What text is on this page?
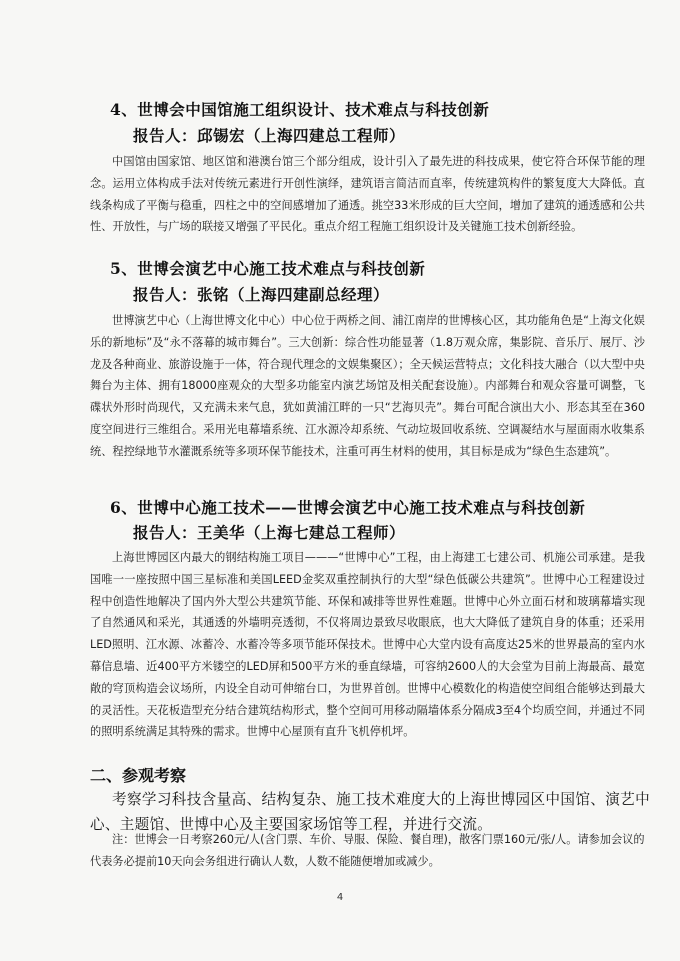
4、世博会中国馆施工组织设计、技术难点与科技创新
报告人：邱锡宏（上海四建总工程师）
中国馆由国家馆、地区馆和港澳台馆三个部分组成，设计引入了最先进的科技成果，使它符合环保节能的理念。运用立体构成手法对传统元素进行开创性演绎，建筑语言简洁而直率，传统建筑构件的繁复度大大降低。直线条构成了平衡与稳重，四柱之中的空间感增加了通透。挑空33米形成的巨大空间，增加了建筑的通透感和公共性、开放性，与广场的联接又增强了平民化。重点介绍工程施工组织设计及关键施工技术创新经验。
5、世博会演艺中心施工技术难点与科技创新
报告人：张铭（上海四建副总经理）
世博演艺中心（上海世博文化中心）中心位于两桥之间、浦江南岸的世博核心区，其功能角色是“上海文化娱乐的新地标”及“永不落幕的城市舞台”。三大创新：综合性功能显著（1.8万观众席，集影院、音乐厅、展厅、沙龙及各种商业、旅游设施于一体，符合现代理念的文娱集聚区）；全天候运营特点；文化科技大融合（以大型中央舞台为主体、拥有18000座观众的大型多功能室内演艺场馆及相关配套设施）。内部舞台和观众容量可调整，飞碟状外形时尚现代，又充满未来气息，犹如黄浦江畔的一只“艺海贝壳”。舞台可配合演出大小、形态其至在360度空间进行三维组合。采用光电幕墙系统、江水源冷却系统、气动垃圾回收系统、空调凝结水与屋面雨水收集系统、程控绿地节水灌溉系统等多项环保节能技术，注重可再生材料的使用，其目标是成为“绿色生态建筑”。
6、世博中心施工技术——世博会演艺中心施工技术难点与科技创新
报告人：王美华（上海七建总工程师）
上海世博园区内最大的钢结构施工项目———“世博中心”工程，由上海建工七建公司、机施公司承建。是我国唯一一座按照中国三星标准和美国LEED金奖双重控制执行的大型“绿色低碳公共建筑”。世博中心工程建设过程中创造性地解决了国内外大型公共建筑节能、环保和减排等世界性难题。世博中心外立面石材和玻璃幕墙实现了自然通风和采光，其通透的外墙明亮透彻，不仅将周边景致尽收眼底，也大大降低了建筑自身的体重；还采用LED照明、江水源、冰蓄冷、水蓄冷等多项节能环保技术。世博中心大堂内设有高度达25米的世界最高的室内水幕信息墙、近400平方米镂空的LED屏和500平方米的垂直绿墙，可容纳2600人的大会堂为目前上海最高、最宽敞的穹顶构造会议场所，内设全自动可伸缩台口，为世界首创。世博中心模数化的构造使空间组合能够达到最大的灵活性。天花板造型充分结合建筑结构形式，整个空间可用移动隔墙体系分隔成3至4个均质空间，并通过不同的照明系统满足其特殊的需求。世博中心屋顶有直升飞机停机坪。
二、参观考察
考察学习科技含量高、结构复杂、施工技术难度大的上海世博园区中国馆、演艺中心、主题馆、世博中心及主要国家场馆等工程，并进行交流。
注：世博会一日考察260元/人(含门票、车价、导服、保险、餐自理)，散客门票160元/张/人。请参加会议的代表务必提前10天向会务组进行确认人数，人数不能随便增加或减少。
4
